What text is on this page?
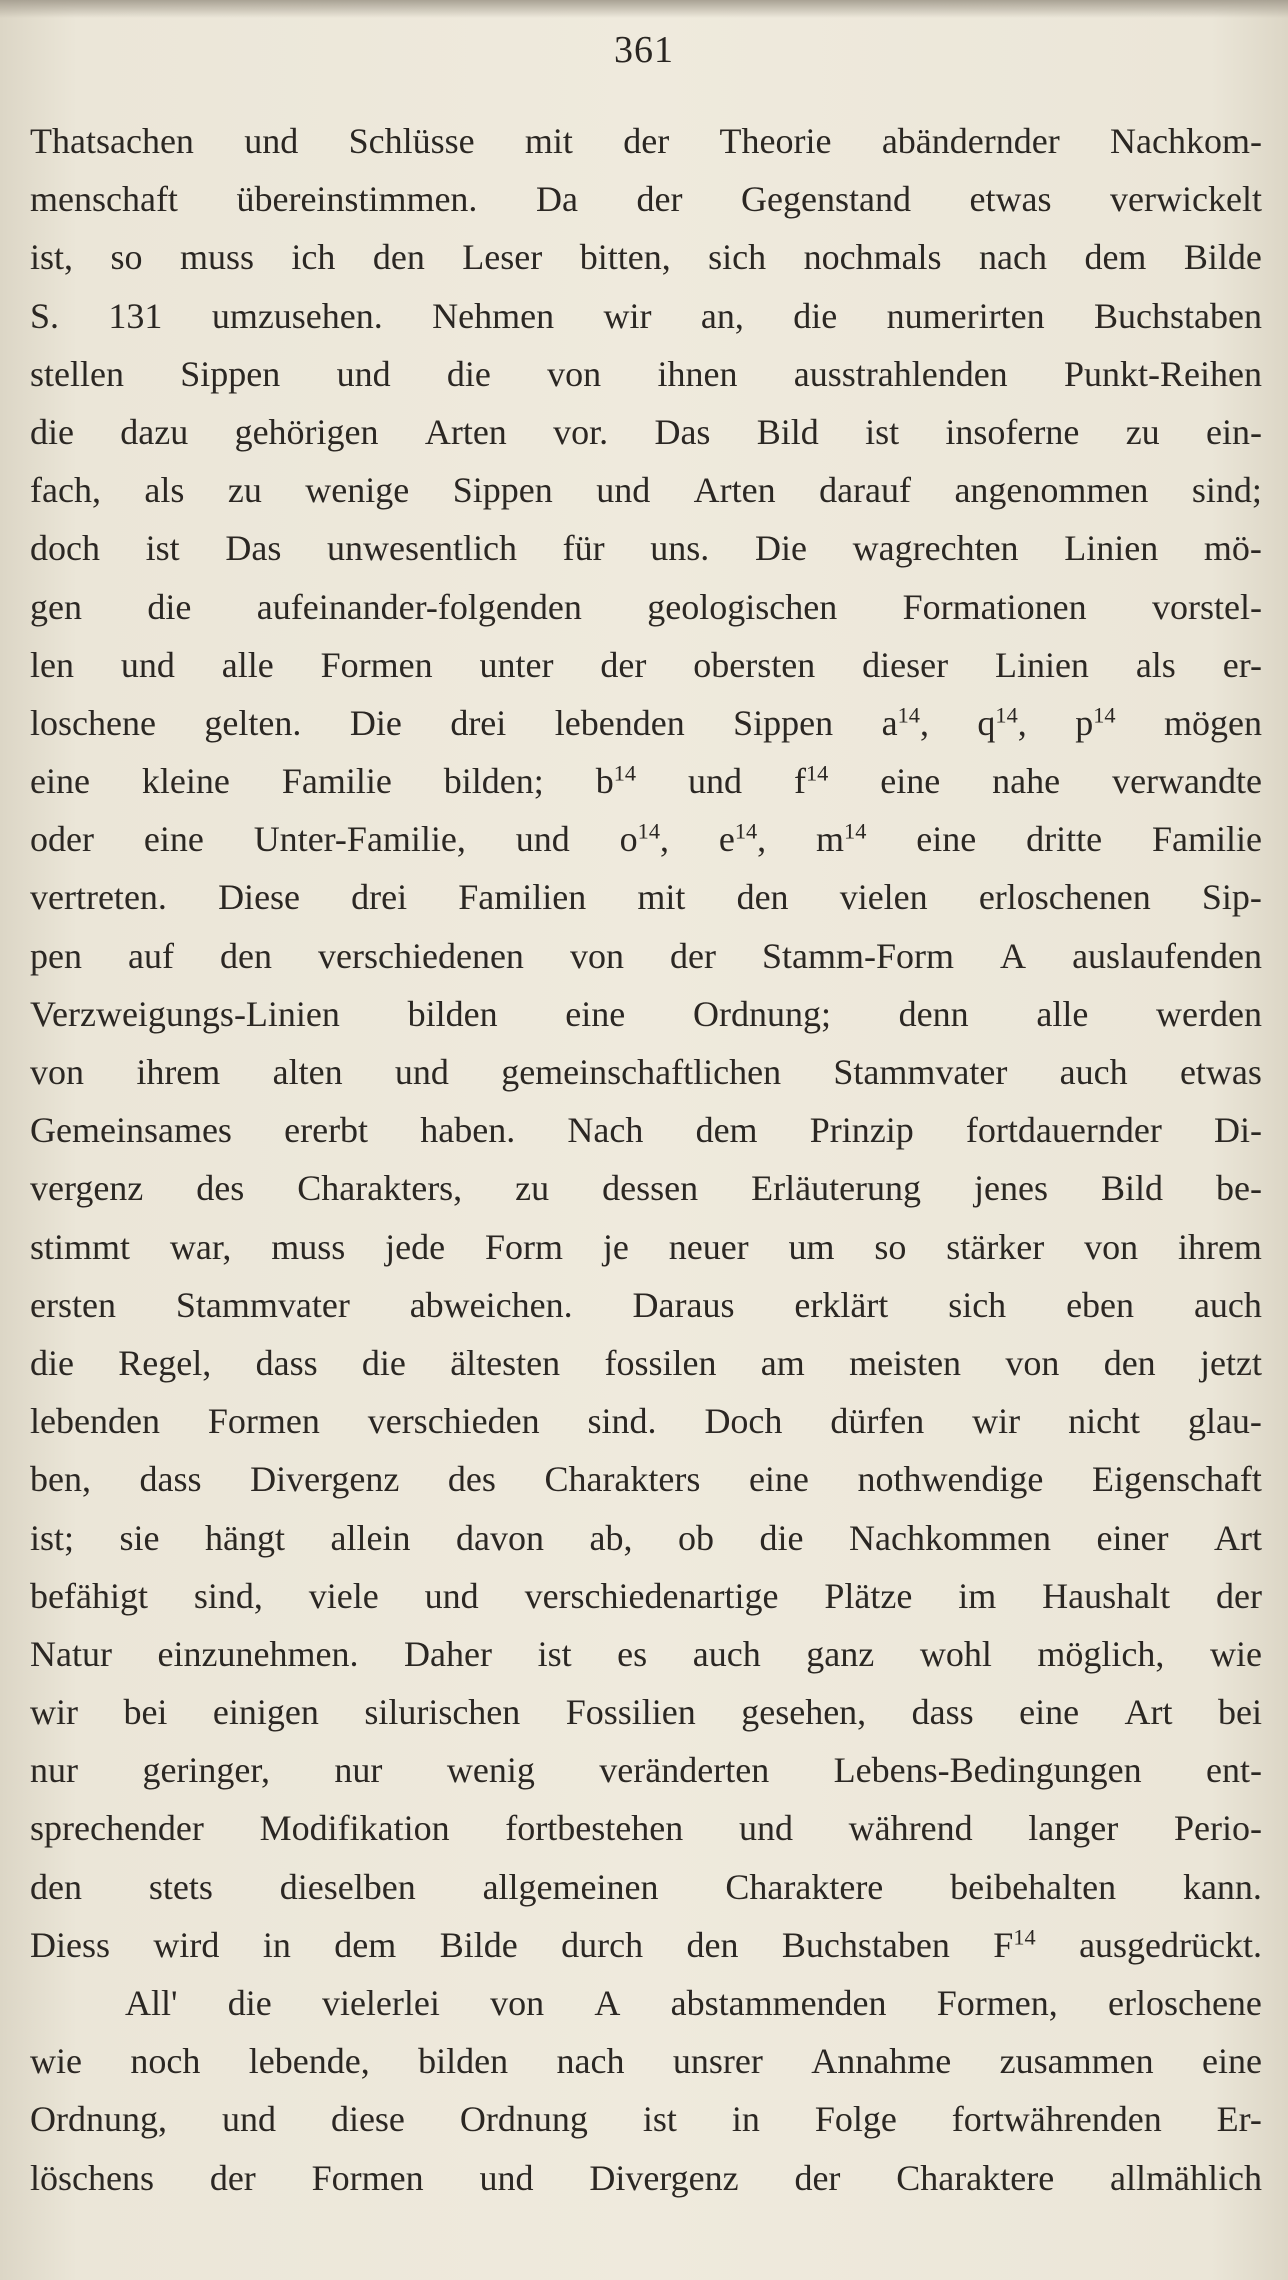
361
Thatsachen und Schlüsse mit der Theorie abändernder Nachkom-
menschaft übereinstimmen. Da der Gegenstand etwas verwickelt
ist, so muss ich den Leser bitten, sich nochmals nach dem Bilde
S. 131 umzusehen. Nehmen wir an, die numerirten Buchstaben
stellen Sippen und die von ihnen ausstrahlenden Punkt-Reihen
die dazu gehörigen Arten vor. Das Bild ist insoferne zu ein-
fach, als zu wenige Sippen und Arten darauf angenommen sind;
doch ist Das unwesentlich für uns. Die wagrechten Linien mö-
gen die aufeinander-folgenden geologischen Formationen vorstel-
len und alle Formen unter der obersten dieser Linien als er-
loschene gelten. Die drei lebenden Sippen $a^{14}$, $q^{14}$, $p^{14}$ mögen
eine kleine Familie bilden; $b^{14}$ und $f^{14}$ eine nahe verwandte
oder eine Unter-Familie, und $o^{14}$, $e^{14}$, $m^{14}$ eine dritte Familie
vertreten. Diese drei Familien mit den vielen erloschenen Sip-
pen auf den verschiedenen von der Stamm-Form A auslaufenden
Verzweigungs-Linien bilden eine Ordnung; denn alle werden
von ihrem alten und gemeinschaftlichen Stammvater auch etwas
Gemeinsames ererbt haben. Nach dem Prinzip fortdauernder Di-
vergenz des Charakters, zu dessen Erläuterung jenes Bild be-
stimmt war, muss jede Form je neuer um so stärker von ihrem
ersten Stammvater abweichen. Daraus erklärt sich eben auch
die Regel, dass die ältesten fossilen am meisten von den jetzt
lebenden Formen verschieden sind. Doch dürfen wir nicht glau-
ben, dass Divergenz des Charakters eine nothwendige Eigenschaft
ist; sie hängt allein davon ab, ob die Nachkommen einer Art
befähigt sind, viele und verschiedenartige Plätze im Haushalt der
Natur einzunehmen. Daher ist es auch ganz wohl möglich, wie
wir bei einigen silurischen Fossilien gesehen, dass eine Art bei
nur geringer, nur wenig veränderten Lebens-Bedingungen ent-
sprechender Modifikation fortbestehen und während langer Perio-
den stets dieselben allgemeinen Charaktere beibehalten kann.
Diess wird in dem Bilde durch den Buchstaben $F^{14}$ ausgedrückt.
All' die vielerlei von A abstammenden Formen, erloschene
wie noch lebende, bilden nach unsrer Annahme zusammen eine
Ordnung, und diese Ordnung ist in Folge fortwährenden Er-
löschens der Formen und Divergenz der Charaktere allmählich
